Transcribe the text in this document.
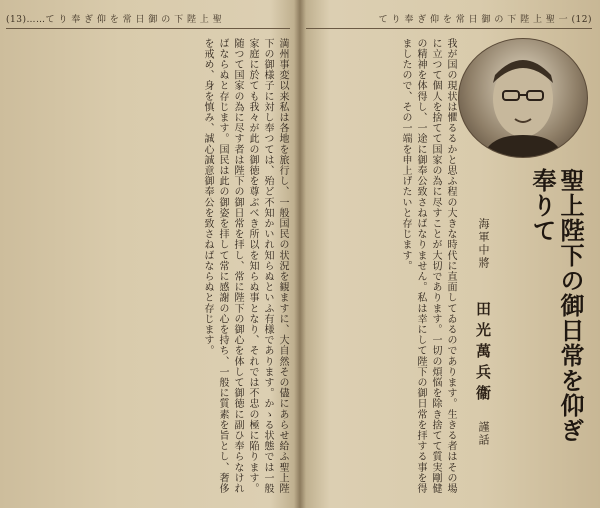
(13)……て り 奉 ぎ 仰 を 常 日 御 の 下 陛 上 聖
満州事変以来私は各地を旅行し、一般国民の状況を観ますに、大自然その儘にあらせ給ふ聖上陛下の御様子に対し奉つては、殆ど不知かいれ知らぬといふ有様であります。かゝる状態では一般家庭に於ても我々が此の御徳を尊ぶべき所以を知らぬ事となり、それでは不忠の極に陥ります。随つて国家の為に尽す者は陛下の御日常を拝し、常に陛下の御心を体して御徳に副ひ奉らなければならぬと存じます。国民は此の御姿を拝して常に感謝の心を持ち、一般に質素を旨とし、奢侈を戒め、身を慎み、誠心誠意御奉公を致さねばならぬと存じます。
て り 奉 ぎ 仰 を 常 日 御 の 下 陛 上 聖 一 (12)
我が国の現状は懼るるかと思ふ程の大きな時代に直面してゐるのであります。生きる者はその場に立つて個人を捨てて国家の為に尽すことが大切であります。一切の煩悩を除き捨てて質実剛健の精神を体得し、一途に御奉公致さねばなりません。私は幸にして陛下の御日常を拝する事を得ましたので、その一端を申上げたいと存じます。
聖上陛下の御日常を仰ぎ
奉りて
海軍中將 田光萬兵衞 謹話
